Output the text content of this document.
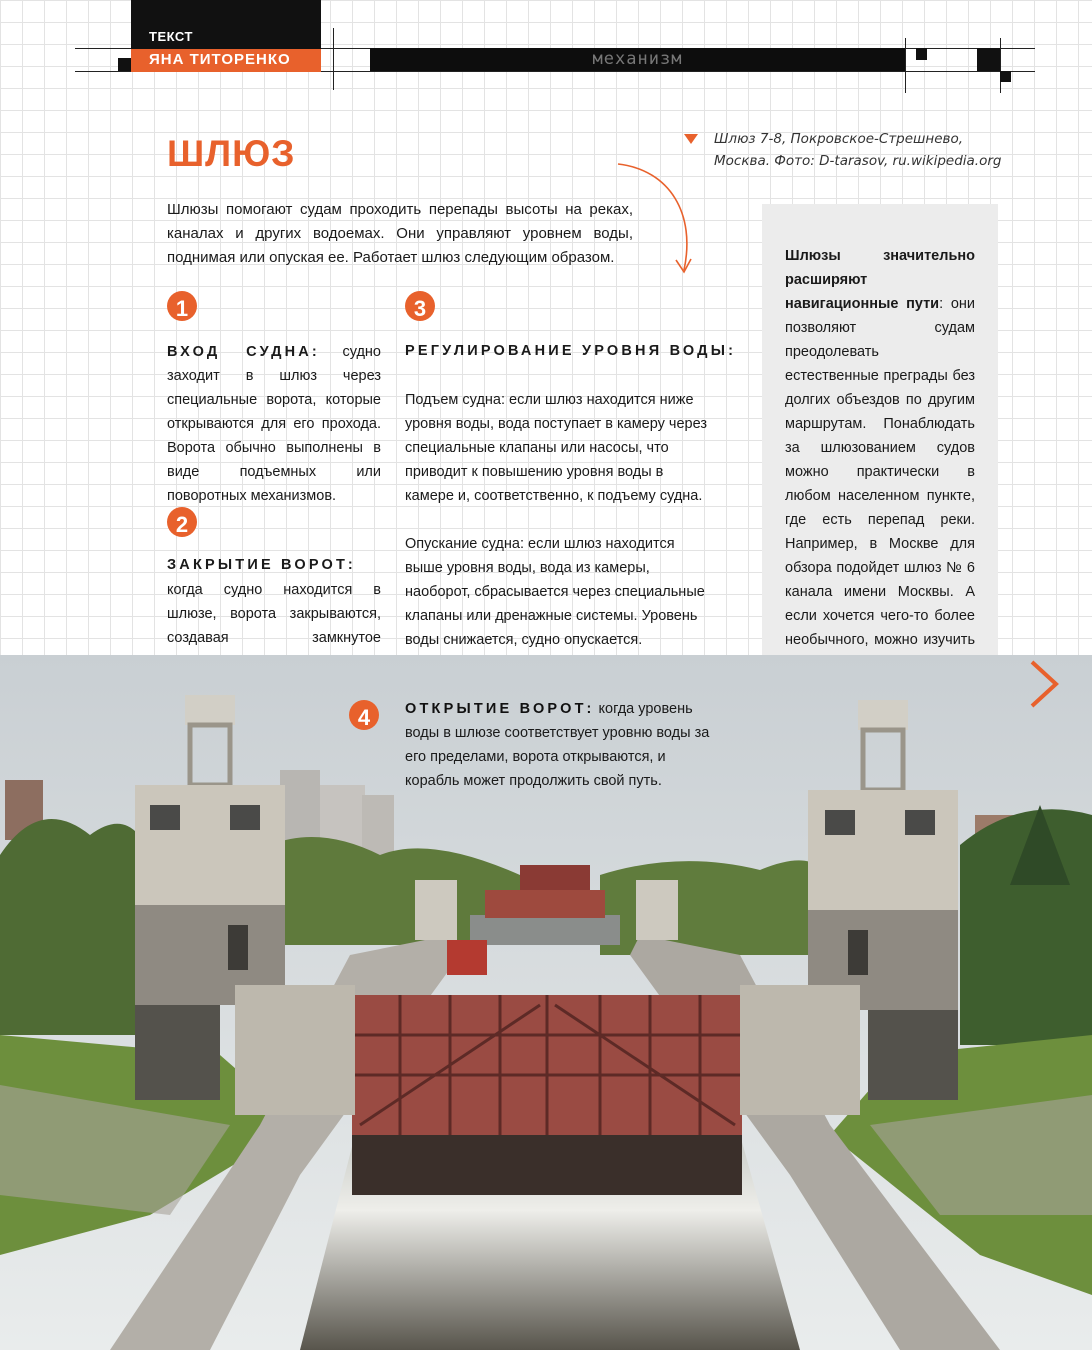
ТЕКСТ
ЯНА ТИТОРЕНКО	механизм
ШЛЮЗ	Шлюз 7-8, Покровское-Стрешнево, Москва. Фото: D-tarasov, ru.wikipedia.org
Шлюзы помогают судам проходить перепады высоты на реках, каналах и других водоемах. Они управляют уровнем воды, поднимая или опуская ее. Работает шлюз следующим образом.
1
ВХОД СУДНА: судно заходит в шлюз через специальные ворота, которые открываются для его прохода. Ворота обычно выполнены в виде подъемных или поворотных механизмов.
2
ЗАКРЫТИЕ ВОРОТ:
когда судно находится в шлюзе, ворота закрываются, создавая замкнутое
3
РЕГУЛИРОВАНИЕ УРОВНЯ ВОДЫ:
Подъем судна: если шлюз находится ниже уровня воды, вода поступает в камеру через специальные клапаны или насосы, что приводит к повышению уровня воды в камере и, соответственно, к подъему судна.
Опускание судна: если шлюз находится выше уровня воды, вода из камеры, наоборот, сбрасывается через специальные клапаны или дренажные системы. Уровень воды снижается, судно опускается.
Шлюзы значительно расширяют навигационные пути: они позволяют судам преодолевать естественные преграды без долгих объездов по другим маршрутам. Понаблюдать за шлюзованием судов можно практически в любом населенном пункте, где есть перепад реки. Например, в Москве для обзора подойдет шлюз № 6 канала имени Москвы. А если хочется чего-то более необычного, можно изучить
4	ОТКРЫТИЕ ВОРОТ: когда уровень воды в шлюзе соответствует уровню воды за его пределами, ворота открываются, и корабль может продолжить свой путь.
